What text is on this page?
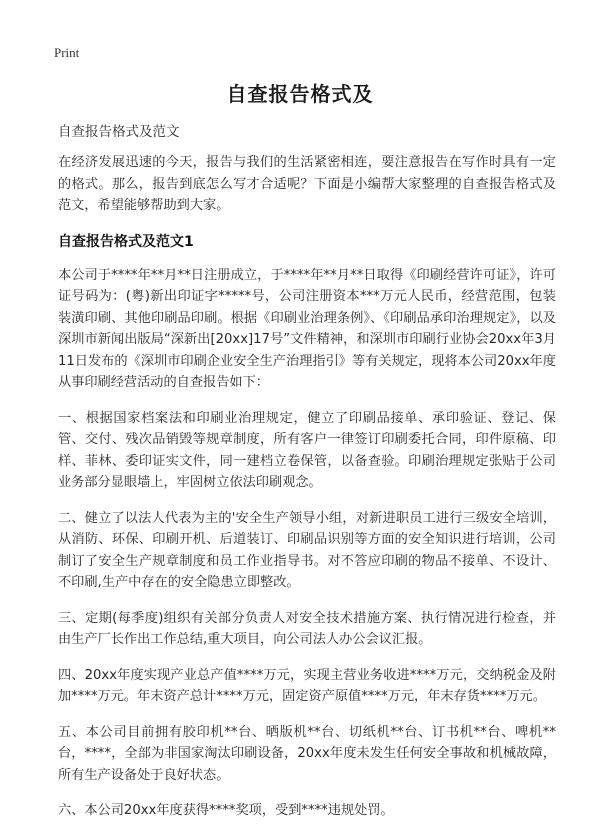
Print
自查报告格式及

自查报告格式及范文

在经济发展迅速的今天，报告与我们的生活紧密相连，要注意报告在写作时具有一定的格式。那么，报告到底怎么写才合适呢？下面是小编帮大家整理的自查报告格式及范文，希望能够帮助到大家。

自查报告格式及范文1

本公司于****年**月**日注册成立，于****年**月**日取得《印刷经营许可证》，许可证号码为：(粤)新出印证字*****号，公司注册资本***万元人民币，经营范围，包装装潢印刷、其他印刷品印刷。根据《印刷业治理条例》、《印刷品承印治理规定》，以及深圳市新闻出版局“深新出[20xx]17号”文件精神，和深圳市印刷行业协会20xx年3月11日发布的《深圳市印刷企业安全生产治理指引》等有关规定，现将本公司20xx年度从事印刷经营活动的自查报告如下：

一、根据国家档案法和印刷业治理规定，健立了印刷品接单、承印验证、登记、保管、交付、残次品销毁等规章制度，所有客户一律签订印刷委托合同，印件原稿、印样、菲林、委印证实文件，同一建档立卷保管，以备查验。印刷治理规定张贴于公司业务部分显眼墙上，牢固树立依法印刷观念。

二、健立了以法人代表为主的'安全生产领导小组，对新进职员工进行三级安全培训，从消防、环保、印刷开机、后道装订、印刷品识别等方面的安全知识进行培训，公司制订了安全生产规章制度和员工作业指导书。对不答应印刷的物品不接单、不设计、不印刷,生产中存在的安全隐患立即整改。

三、定期(每季度)组织有关部分负责人对安全技术措施方案、执行情况进行检查，并由生产厂长作出工作总结,重大项目，向公司法人办公会议汇报。

四、20xx年度实现产业总产值****万元，实现主营业务收进****万元，交纳税金及附加****万元。年末资产总计****万元，固定资产原值****万元，年末存货****万元。

五、本公司目前拥有胶印机**台、晒版机**台、切纸机**台、订书机**台、啤机**台，****，全部为非国家淘汰印刷设备，20xx年度未发生任何安全事故和机械故障，所有生产设备处于良好状态。

六、本公司20xx年度获得****奖项，受到****违规处罚。
